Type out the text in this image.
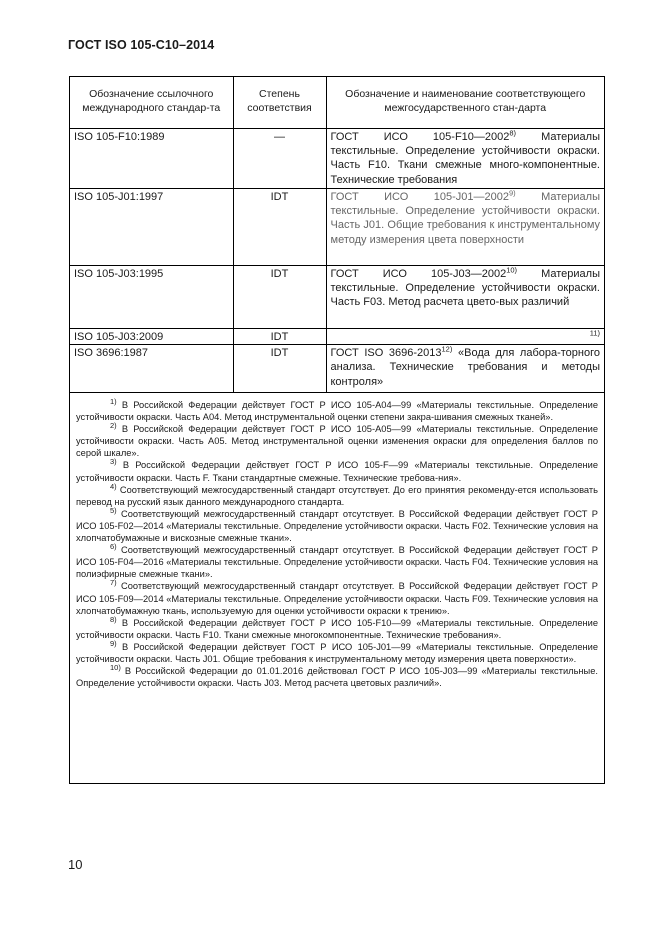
ГОСТ ISO 105-С10–2014
Обозначение ссылочного международного стандар-та	Степень соответствия	Обозначение и наименование соответствующего межгосударственного стан-дарта
ISO 105-F10:1989	—	ГОСТ ИСО 105-F10—2002$^{8)}$ Материалы текстильные. Определение устойчивости окраски. Часть F10. Ткани смежные много-компонентные. Технические требования
ISO 105-J01:1997	IDT	ГОСТ ИСО 105-J01—2002$^{9)}$ Материалы текстильные. Определение устойчивости окраски. Часть J01. Общие требования к инструментальному методу измерения цвета поверхности
ISO 105-J03:1995	IDT	ГОСТ ИСО 105-J03—2002$^{10)}$ Материалы текстильные. Определение устойчивости окраски. Часть F03. Метод расчета цвето-вых различий
ISO 105-J03:2009	IDT	$^{11)}$
ISO 3696:1987	IDT	ГОСТ ISO 3696-2013$^{12)}$ «Вода для лабора-торного анализа. Технические требования и методы контроля»

$^{1)}$ В Российской Федерации действует ГОСТ Р ИСО 105-А04—99 «Материалы текстильные. Определение устойчивости окраски. Часть А04. Метод инструментальной оценки степени закра-шивания смежных тканей».

$^{2)}$ В Российской Федерации действует ГОСТ Р ИСО 105-А05—99 «Материалы текстильные. Определение устойчивости окраски. Часть А05. Метод инструментальной оценки изменения окраски для определения баллов по серой шкале».

$^{3)}$ В Российской Федерации действует ГОСТ Р ИСО 105-F—99 «Материалы текстильные. Определение устойчивости окраски. Часть F. Ткани стандартные смежные. Технические требова-ния».

$^{4)}$ Соответствующий межгосударственный стандарт отсутствует. До его принятия рекоменду-ется использовать перевод на русский язык данного международного стандарта.

$^{5)}$ Соответствующий межгосударственный стандарт отсутствует. В Российской Федерации действует ГОСТ Р ИСО 105-F02—2014 «Материалы текстильные. Определение устойчивости окраски. Часть F02. Технические условия на хлопчатобумажные и вискозные смежные ткани».

$^{6)}$ Соответствующий межгосударственный стандарт отсутствует. В Российской Федерации действует ГОСТ Р ИСО 105-F04—2016 «Материалы текстильные. Определение устойчивости окраски. Часть F04. Технические условия на полиэфирные смежные ткани».

$^{7)}$ Соответствующий межгосударственный стандарт отсутствует. В Российской Федерации действует ГОСТ Р ИСО 105-F09—2014 «Материалы текстильные. Определение устойчивости окраски. Часть F09. Технические условия на хлопчатобумажную ткань, используемую для оценки устойчивости окраски к трению».

$^{8)}$ В Российской Федерации действует ГОСТ Р ИСО 105-F10—99 «Материалы текстильные. Определение устойчивости окраски. Часть F10. Ткани смежные многокомпонентные. Технические требования».

$^{9)}$ В Российской Федерации действует ГОСТ Р ИСО 105-J01—99 «Материалы текстильные. Определение устойчивости окраски. Часть J01. Общие требования к инструментальному методу измерения цвета поверхности».

$^{10)}$ В Российской Федерации до 01.01.2016 действовал ГОСТ Р ИСО 105-J03—99 «Материалы текстильные. Определение устойчивости окраски. Часть J03. Метод расчета цветовых различий».

10
